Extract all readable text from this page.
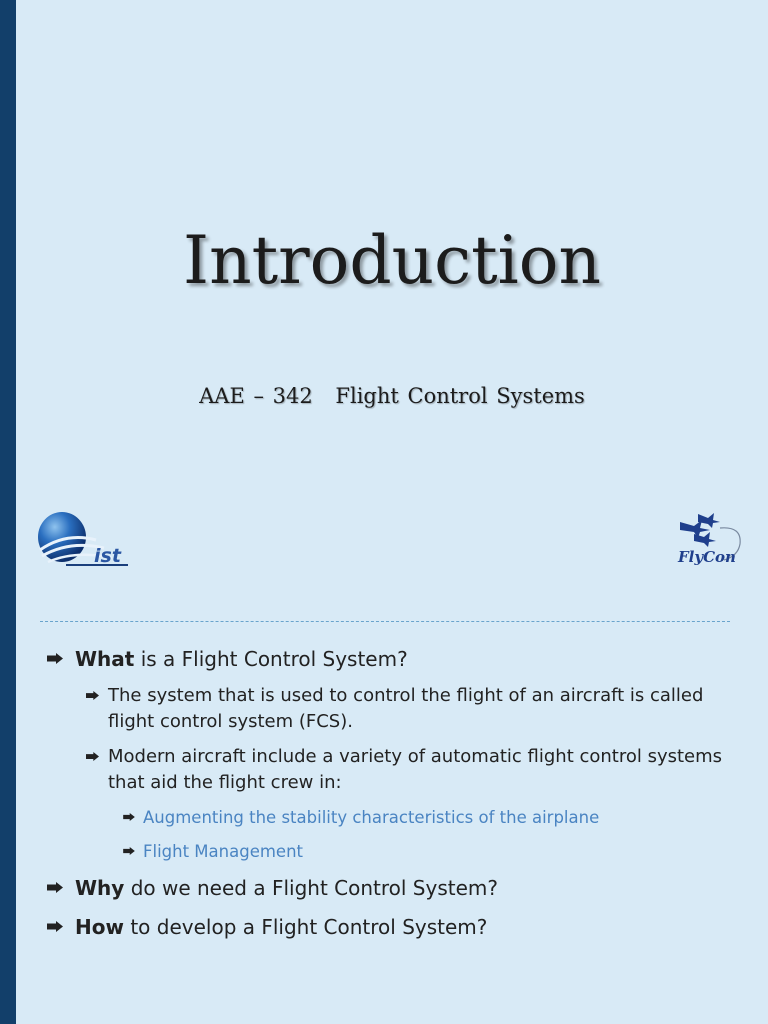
Introduction
AAE – 342 Flight Control Systems
ist	FlyCon
What is a Flight Control System?
The system that is used to control the flight of an aircraft is called flight control system (FCS).
Modern aircraft include a variety of automatic flight control systems that aid the flight crew in:
Augmenting the stability characteristics of the airplane
Flight Management
Why do we need a Flight Control System?
How to develop a Flight Control System?
